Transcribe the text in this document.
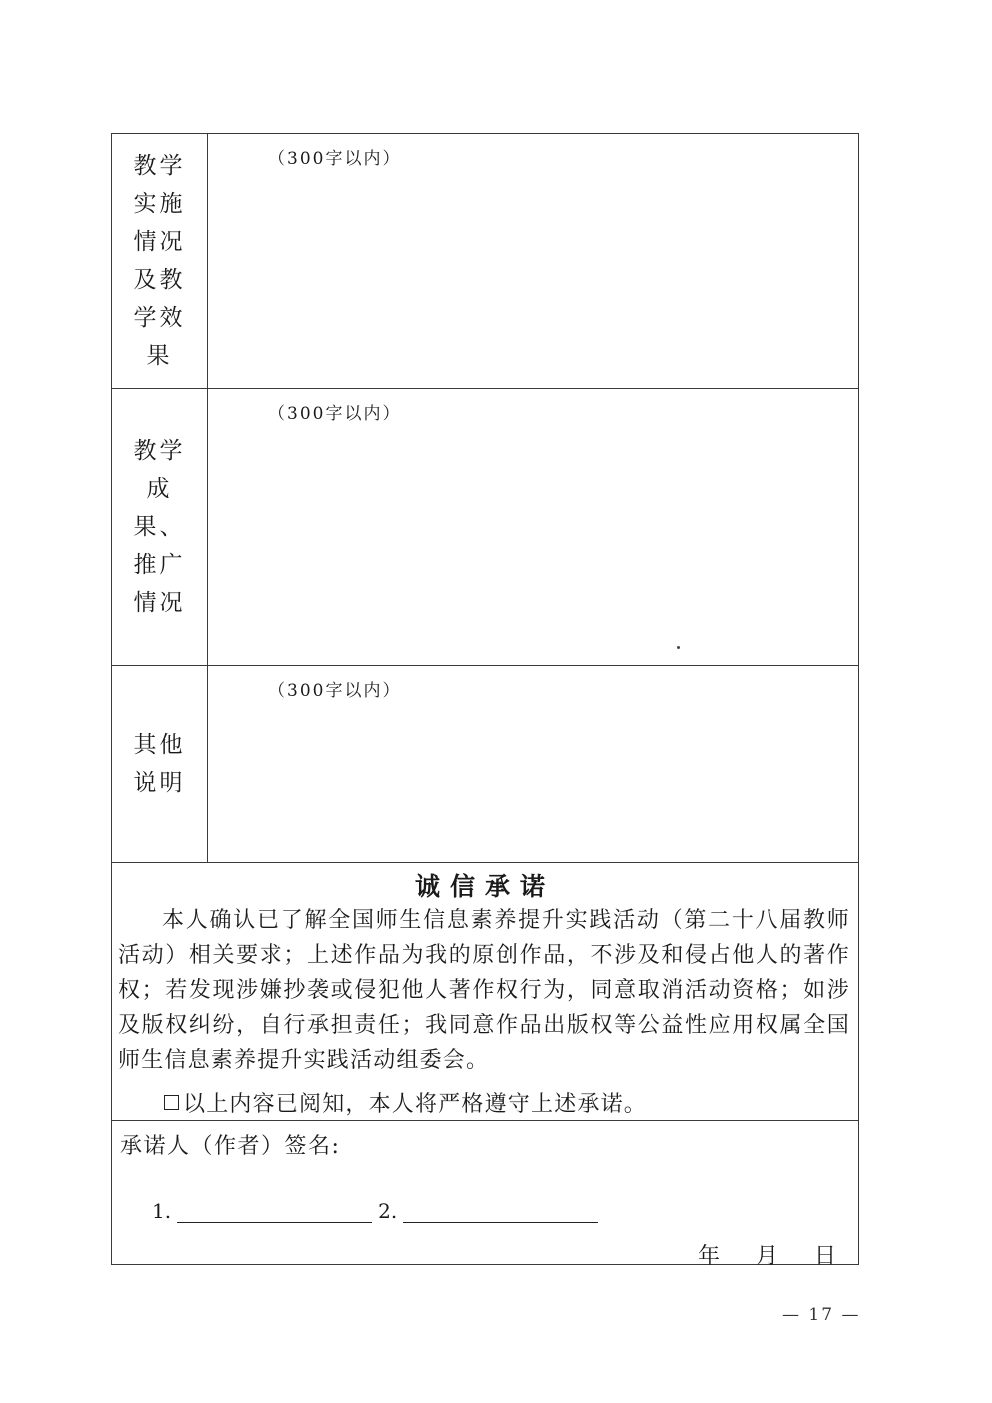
教学实施情况及教学效果
（300字以内）
教学成果、推广情况
（300字以内）
其他说明
（300字以内）
诚信承诺

本人确认已了解全国师生信息素养提升实践活动（第二十八届教师活动）相关要求；上述作品为我的原创作品，不涉及和侵占他人的著作权；若发现涉嫌抄袭或侵犯他人著作权行为，同意取消活动资格；如涉及版权纠纷，自行承担责任；我同意作品出版权等公益性应用权属全国师生信息素养提升实践活动组委会。

以上内容已阅知，本人将严格遵守上述承诺。
承诺人（作者）签名:
1.	2.
年 月 日
— 17 —
